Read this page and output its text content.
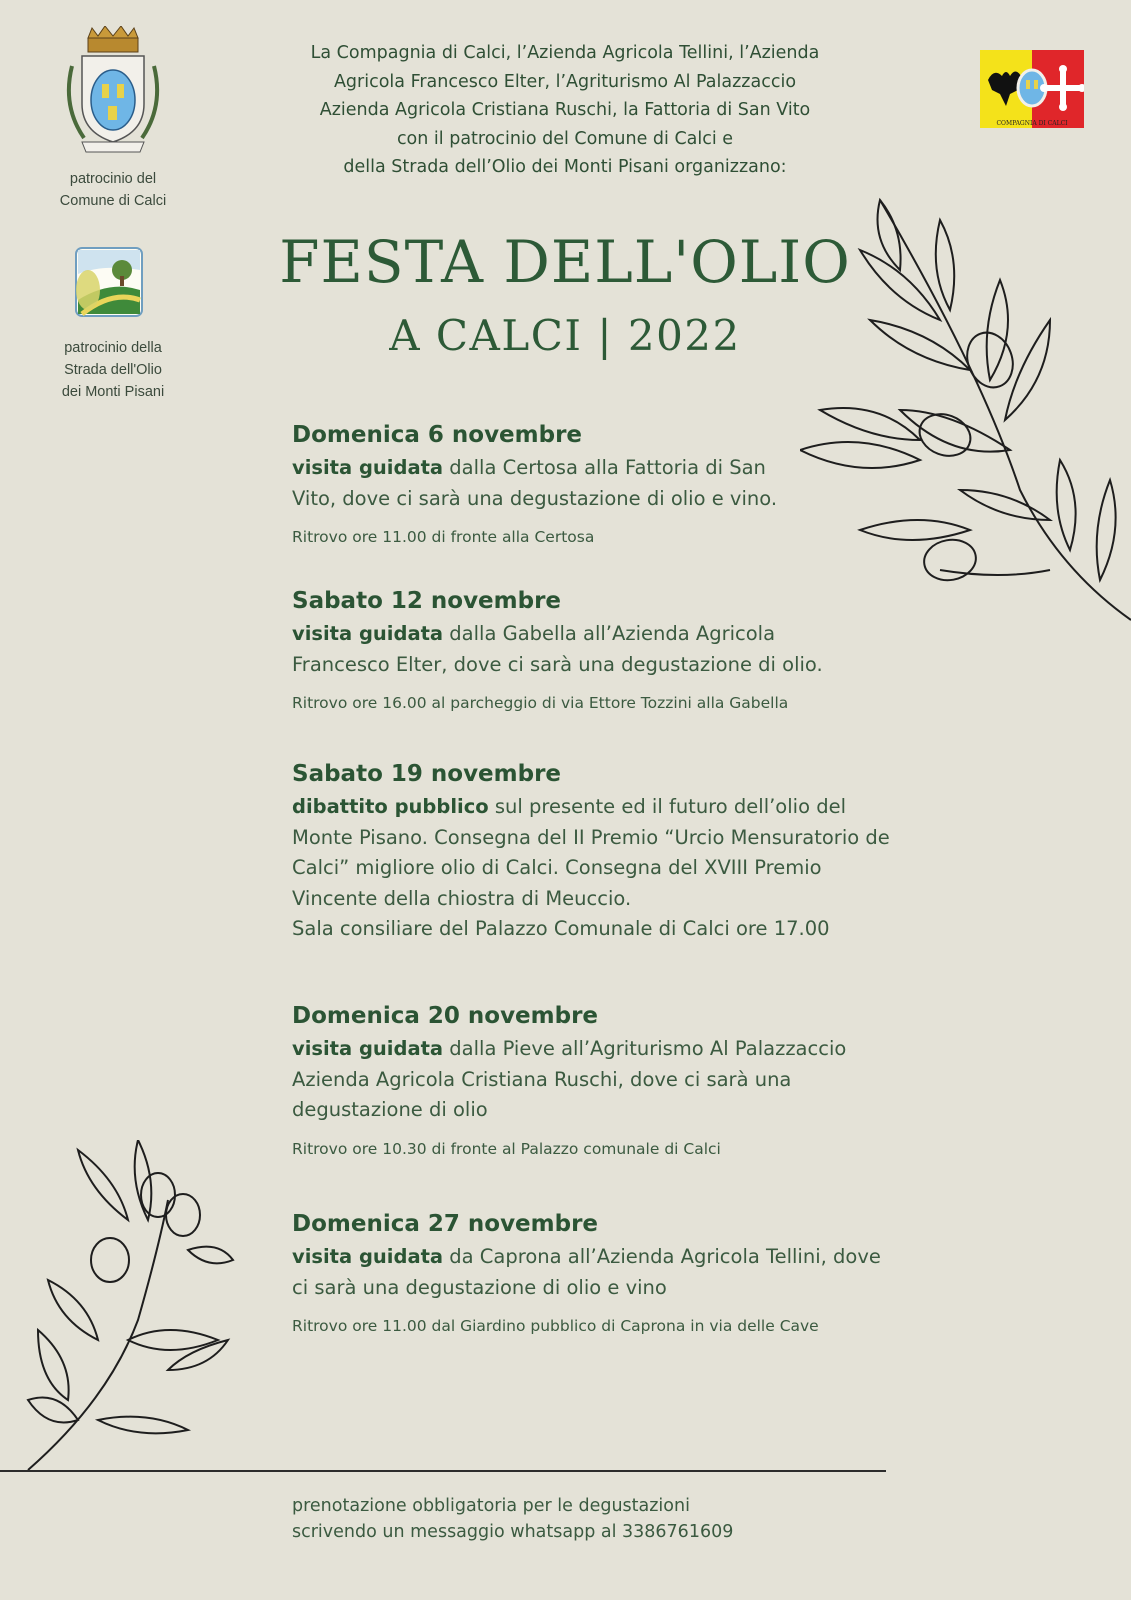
patrocinio del
Comune di Calci
patrocinio della
Strada dell'Olio
dei Monti Pisani
COMPAGNIA DI CALCI
La Compagnia di Calci, l’Azienda Agricola Tellini, l’Azienda
Agricola Francesco Elter, l’Agriturismo Al Palazzaccio
Azienda Agricola Cristiana Ruschi, la Fattoria di San Vito
con il patrocinio del Comune di Calci e
della Strada dell’Olio dei Monti Pisani organizzano:
FESTA DELL'OLIO
A CALCI | 2022
Domenica 6 novembre
visita guidata dalla Certosa alla Fattoria di San Vito, dove ci sarà una degustazione di olio e vino.
Ritrovo ore 11.00 di fronte alla Certosa
Sabato 12 novembre
visita guidata dalla Gabella all’Azienda Agricola Francesco Elter, dove ci sarà una degustazione di olio.
Ritrovo ore 16.00 al parcheggio di via Ettore Tozzini alla Gabella
Sabato 19 novembre
dibattito pubblico sul presente ed il futuro dell’olio del Monte Pisano. Consegna del II Premio “Urcio Mensuratorio de Calci” migliore olio di Calci. Consegna del XVIII Premio Vincente della chiostra di Meuccio.
Sala consiliare del Palazzo Comunale di Calci ore 17.00
Domenica 20 novembre
visita guidata dalla Pieve all’Agriturismo Al Palazzaccio Azienda Agricola Cristiana Ruschi, dove ci sarà una degustazione di olio
Ritrovo ore 10.30 di fronte al Palazzo comunale di Calci
Domenica 27 novembre
visita guidata da Caprona all’Azienda Agricola Tellini, dove ci sarà una degustazione di olio e vino
Ritrovo ore 11.00 dal Giardino pubblico di Caprona in via delle Cave
prenotazione obbligatoria per le degustazioni
scrivendo un messaggio whatsapp al 3386761609
